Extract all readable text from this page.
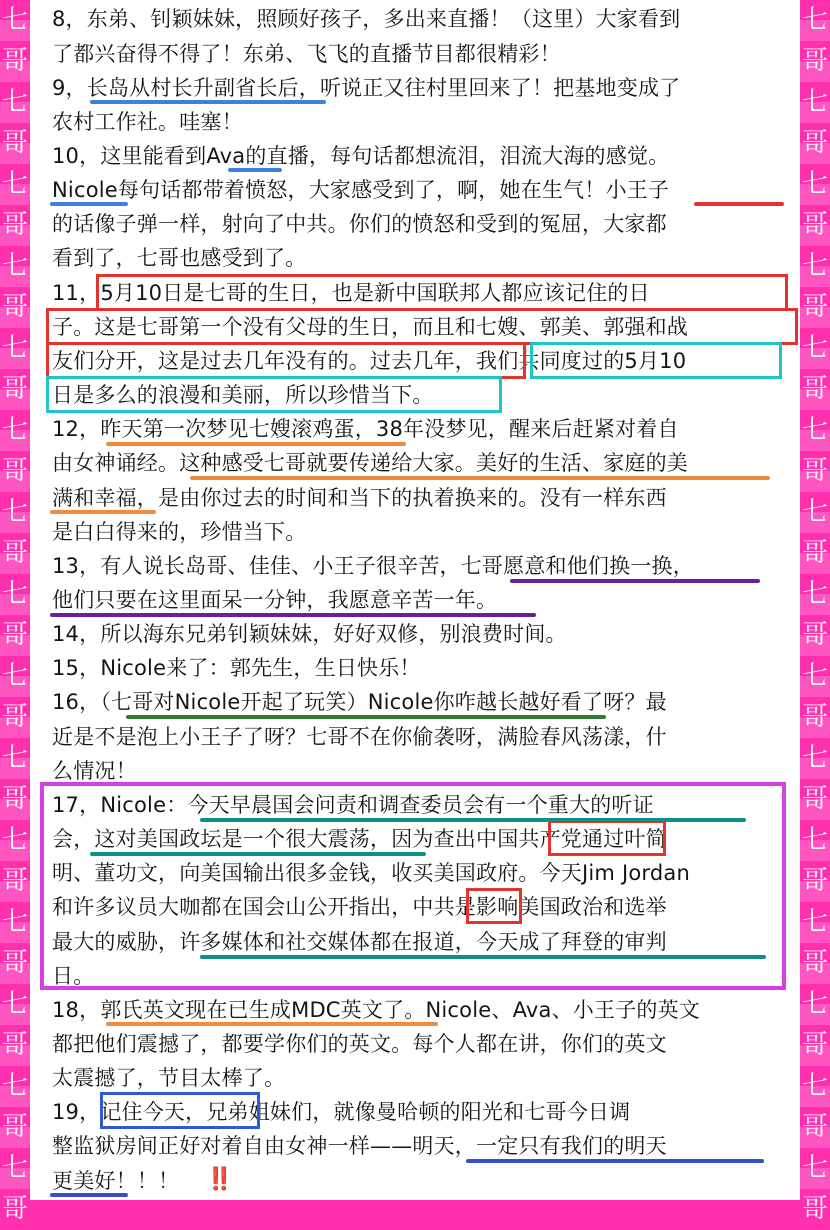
七
哥
七
哥
七
哥
七
哥
七
哥
七
哥
七
哥
七
哥
七
哥
七
哥
七
哥
七
哥
七
哥
七
哥
七
哥
七
哥
七
哥
七
哥
七
哥
七
哥
七
哥
七
哥
七
哥
七
哥
七
哥
七
哥
七
哥
七
哥
七
哥
七
哥
8，东弟、钊颖妹妹，照顾好孩子，多出来直播！（这里）大家看到
了都兴奋得不得了！东弟、飞飞的直播节目都很精彩！
9，长岛从村长升副省长后，听说正又往村里回来了！把基地变成了
农村工作社。哇塞！
10，这里能看到Ava的直播，每句话都想流泪，泪流大海的感觉。
Nicole每句话都带着愤怒，大家感受到了，啊，她在生气！小王子
的话像子弹一样，射向了中共。你们的愤怒和受到的冤屈，大家都
看到了，七哥也感受到了。
11，5月10日是七哥的生日，也是新中国联邦人都应该记住的日
子。这是七哥第一个没有父母的生日，而且和七嫂、郭美、郭强和战
友们分开，这是过去几年没有的。过去几年，我们共同度过的5月10
日是多么的浪漫和美丽，所以珍惜当下。
12，昨天第一次梦见七嫂滚鸡蛋，38年没梦见，醒来后赶紧对着自
由女神诵经。这种感受七哥就要传递给大家。美好的生活、家庭的美
满和幸福，是由你过去的时间和当下的执着换来的。没有一样东西
是白白得来的，珍惜当下。
13，有人说长岛哥、佳佳、小王子很辛苦，七哥愿意和他们换一换，
他们只要在这里面呆一分钟，我愿意辛苦一年。
14，所以海东兄弟钊颖妹妹，好好双修，别浪费时间。
15，Nicole来了：郭先生，生日快乐！
16，（七哥对Nicole开起了玩笑）Nicole你咋越长越好看了呀？最
近是不是泡上小王子了呀？七哥不在你偷袭呀，满脸春风荡漾，什
么情况！
17，Nicole：今天早晨国会问责和调查委员会有一个重大的听证
会，这对美国政坛是一个很大震荡，因为查出中国共产党通过叶简
明、董功文，向美国输出很多金钱，收买美国政府。今天Jim Jordan
和许多议员大咖都在国会山公开指出，中共是影响美国政治和选举
最大的威胁，许多媒体和社交媒体都在报道，今天成了拜登的审判
日。
18，郭氏英文现在已生成MDC英文了。Nicole、Ava、小王子的英文
都把他们震撼了，都要学你们的英文。每个人都在讲，你们的英文
太震撼了，节目太棒了。
19，记住今天，兄弟姐妹们，就像曼哈顿的阳光和七哥今日调
整监狱房间正好对着自由女神一样——明天，一定只有我们的明天
更美好！！！	‼️
